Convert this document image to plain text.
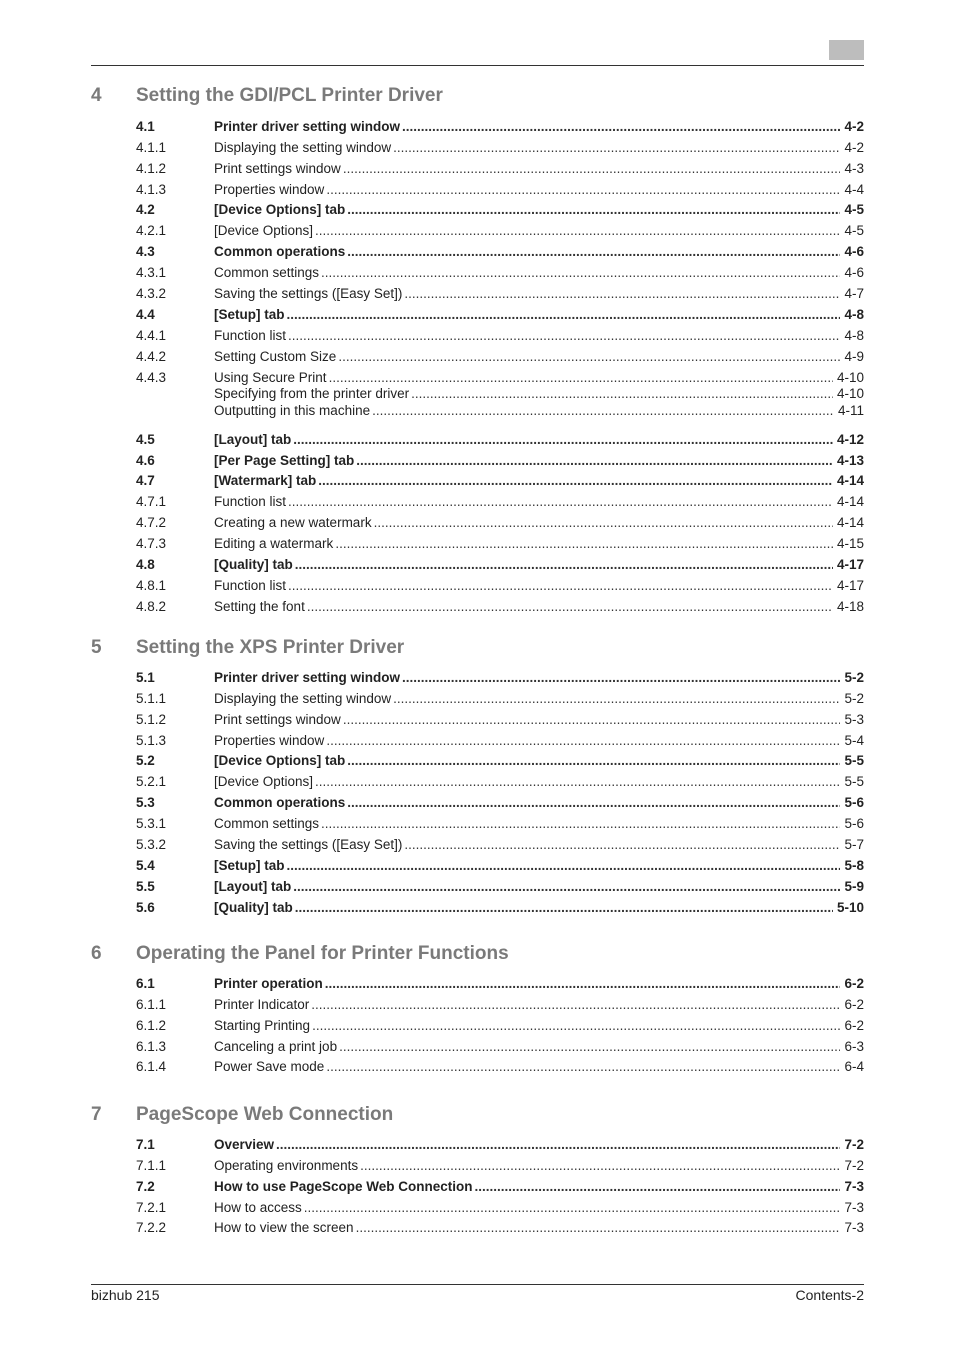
4	Setting the GDI/PCL Printer Driver
4.1	Printer driver setting window .....	4-2
4.1.1	Displaying the setting window .....	4-2
4.1.2	Print settings window .....	4-3
4.1.3	Properties window .....	4-4
4.2	[Device Options] tab .....	4-5
4.2.1	[Device Options] .....	4-5
4.3	Common operations .....	4-6
4.3.1	Common settings .....	4-6
4.3.2	Saving the settings ([Easy Set]) .....	4-7
4.4	[Setup] tab .....	4-8
4.4.1	Function list .....	4-8
4.4.2	Setting Custom Size .....	4-9
4.4.3	Using Secure Print .....	4-10
Specifying from the printer driver .....	4-10
Outputting in this machine .....	4-11
4.5	[Layout] tab .....	4-12
4.6	[Per Page Setting] tab .....	4-13
4.7	[Watermark] tab .....	4-14
4.7.1	Function list .....	4-14
4.7.2	Creating a new watermark .....	4-14
4.7.3	Editing a watermark .....	4-15
4.8	[Quality] tab .....	4-17
4.8.1	Function list .....	4-17
4.8.2	Setting the font .....	4-18
5	Setting the XPS Printer Driver
5.1	Printer driver setting window .....	5-2
5.1.1	Displaying the setting window .....	5-2
5.1.2	Print settings window .....	5-3
5.1.3	Properties window .....	5-4
5.2	[Device Options] tab .....	5-5
5.2.1	[Device Options] .....	5-5
5.3	Common operations .....	5-6
5.3.1	Common settings .....	5-6
5.3.2	Saving the settings ([Easy Set]) .....	5-7
5.4	[Setup] tab .....	5-8
5.5	[Layout] tab .....	5-9
5.6	[Quality] tab .....	5-10
6	Operating the Panel for Printer Functions
6.1	Printer operation .....	6-2
6.1.1	Printer Indicator .....	6-2
6.1.2	Starting Printing .....	6-2
6.1.3	Canceling a print job .....	6-3
6.1.4	Power Save mode .....	6-4
7	PageScope Web Connection
7.1	Overview .....	7-2
7.1.1	Operating environments .....	7-2
7.2	How to use PageScope Web Connection .....	7-3
7.2.1	How to access .....	7-3
7.2.2	How to view the screen .....	7-3
bizhub 215	Contents-2
